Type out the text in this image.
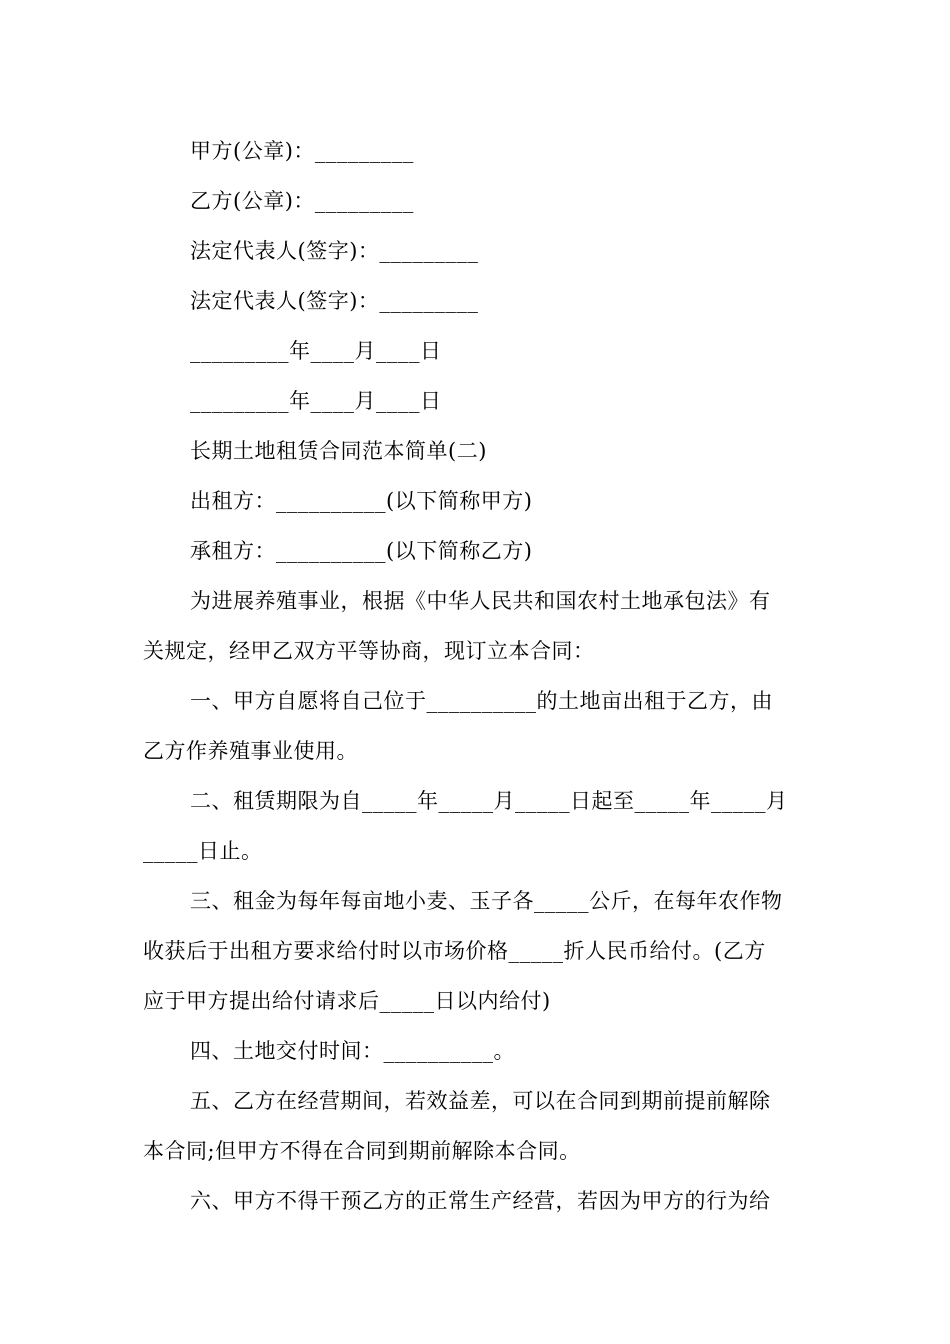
甲方(公章)：_________
乙方(公章)：_________
法定代表人(签字)：_________
法定代表人(签字)：_________
_________年____月____日
_________年____月____日
长期土地租赁合同范本简单(二)
出租方：__________(以下简称甲方)
承租方：__________(以下简称乙方)
为进展养殖事业，根据《中华人民共和国农村土地承包法》有
关规定，经甲乙双方平等协商，现订立本合同：
一、甲方自愿将自己位于__________的土地亩出租于乙方，由
乙方作养殖事业使用。
二、租赁期限为自_____年_____月_____日起至_____年_____月
_____日止。
三、租金为每年每亩地小麦、玉子各_____公斤，在每年农作物
收获后于出租方要求给付时以市场价格_____折人民币给付。(乙方
应于甲方提出给付请求后_____日以内给付)
四、土地交付时间：__________。
五、乙方在经营期间，若效益差，可以在合同到期前提前解除
本合同;但甲方不得在合同到期前解除本合同。
六、甲方不得干预乙方的正常生产经营，若因为甲方的行为给
